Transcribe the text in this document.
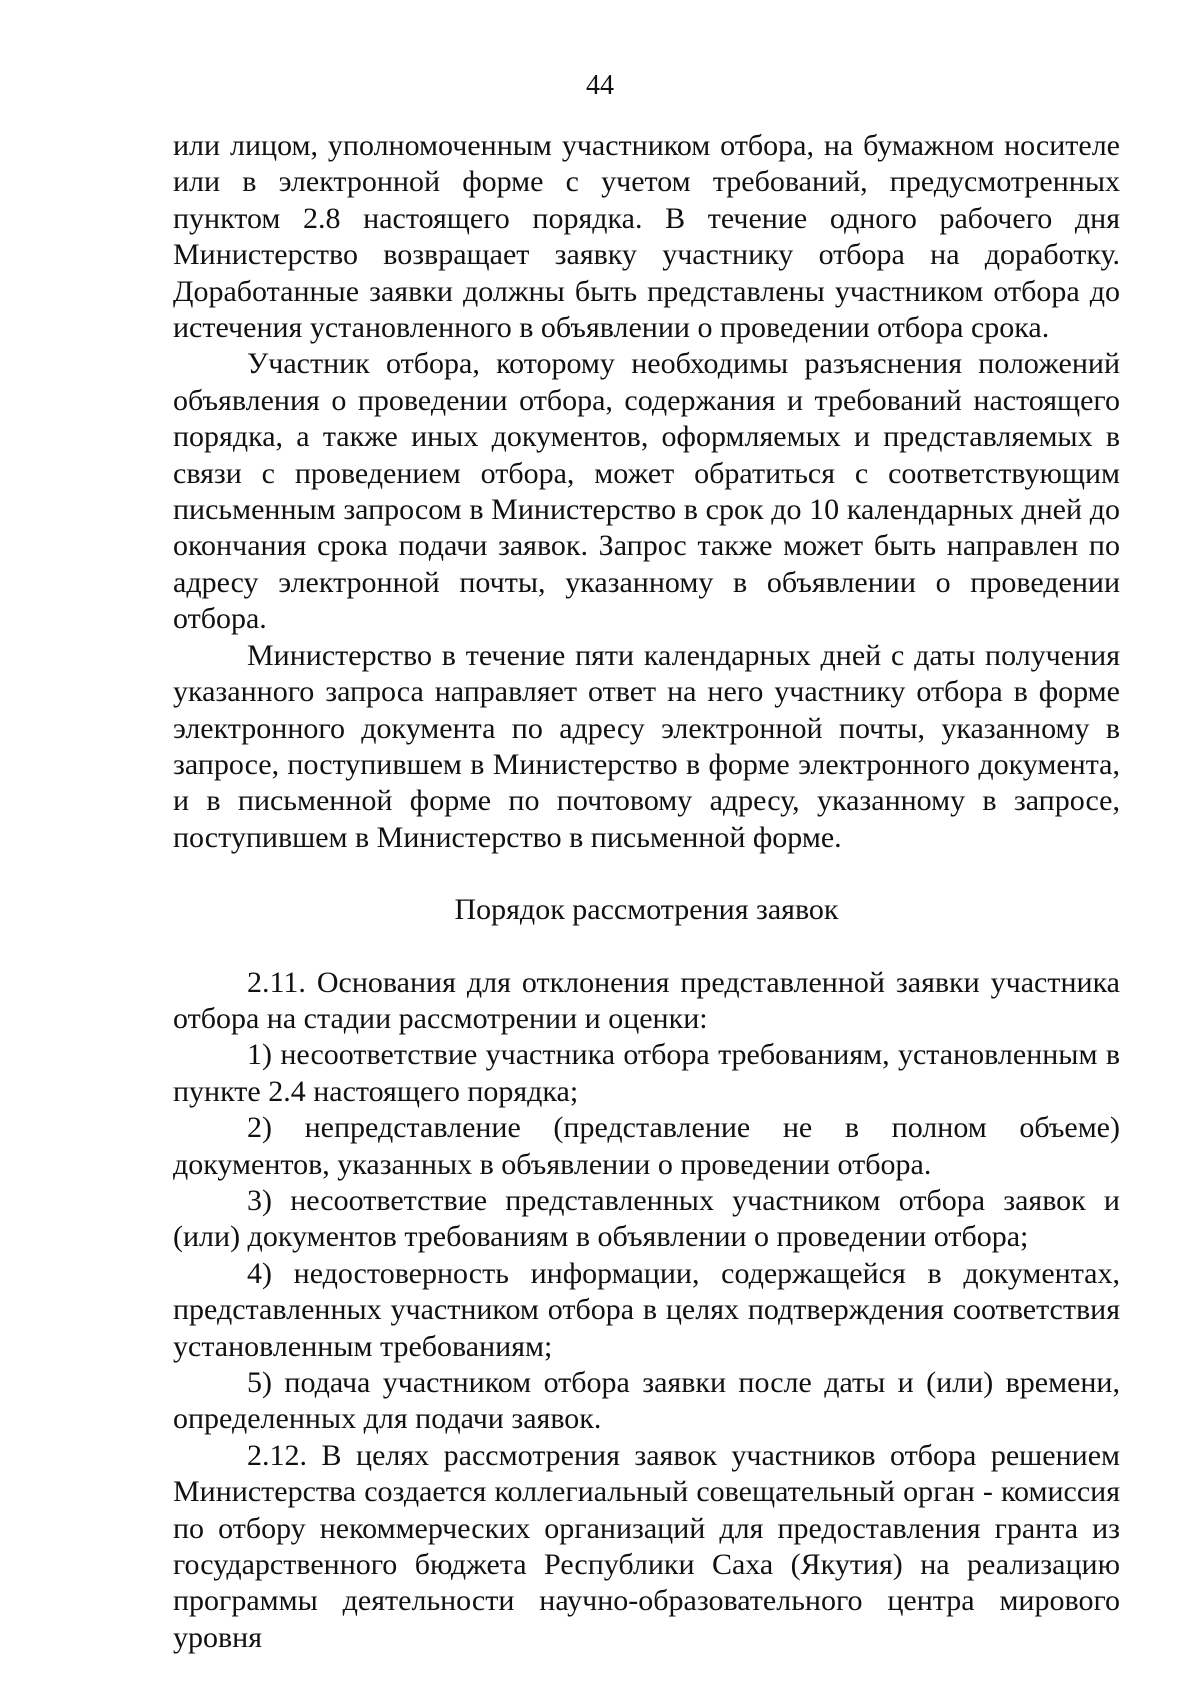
44

или лицом, уполномоченным участником отбора, на бумажном носителе или в электронной форме с учетом требований, предусмотренных пунктом 2.8 настоящего порядка. В течение одного рабочего дня Министерство возвращает заявку участнику отбора на доработку. Доработанные заявки должны быть представлены участником отбора до истечения установленного в объявлении о проведении отбора срока.

Участник отбора, которому необходимы разъяснения положений объявления о проведении отбора, содержания и требований настоящего порядка, а также иных документов, оформляемых и представляемых в связи с проведением отбора, может обратиться с соответствующим письменным запросом в Министерство в срок до 10 календарных дней до окончания срока подачи заявок. Запрос также может быть направлен по адресу электронной почты, указанному в объявлении о проведении отбора.

Министерство в течение пяти календарных дней с даты получения указанного запроса направляет ответ на него участнику отбора в форме электронного документа по адресу электронной почты, указанному в запросе, поступившем в Министерство в форме электронного документа, и в письменной форме по почтовому адресу, указанному в запросе, поступившем в Министерство в письменной форме.

Порядок рассмотрения заявок

2.11. Основания для отклонения представленной заявки участника отбора на стадии рассмотрении и оценки:

1) несоответствие участника отбора требованиям, установленным в пункте 2.4 настоящего порядка;

2) непредставление (представление не в полном объеме) документов, указанных в объявлении о проведении отбора.

3) несоответствие представленных участником отбора заявок и (или) документов требованиям в объявлении о проведении отбора;

4) недостоверность информации, содержащейся в документах, представленных участником отбора в целях подтверждения соответствия установленным требованиям;

5) подача участником отбора заявки после даты и (или) времени, определенных для подачи заявок.

2.12. В целях рассмотрения заявок участников отбора решением Министерства создается коллегиальный совещательный орган - комиссия по отбору некоммерческих организаций для предоставления гранта из государственного бюджета Республики Саха (Якутия) на реализацию программы деятельности научно-образовательного центра мирового уровня
